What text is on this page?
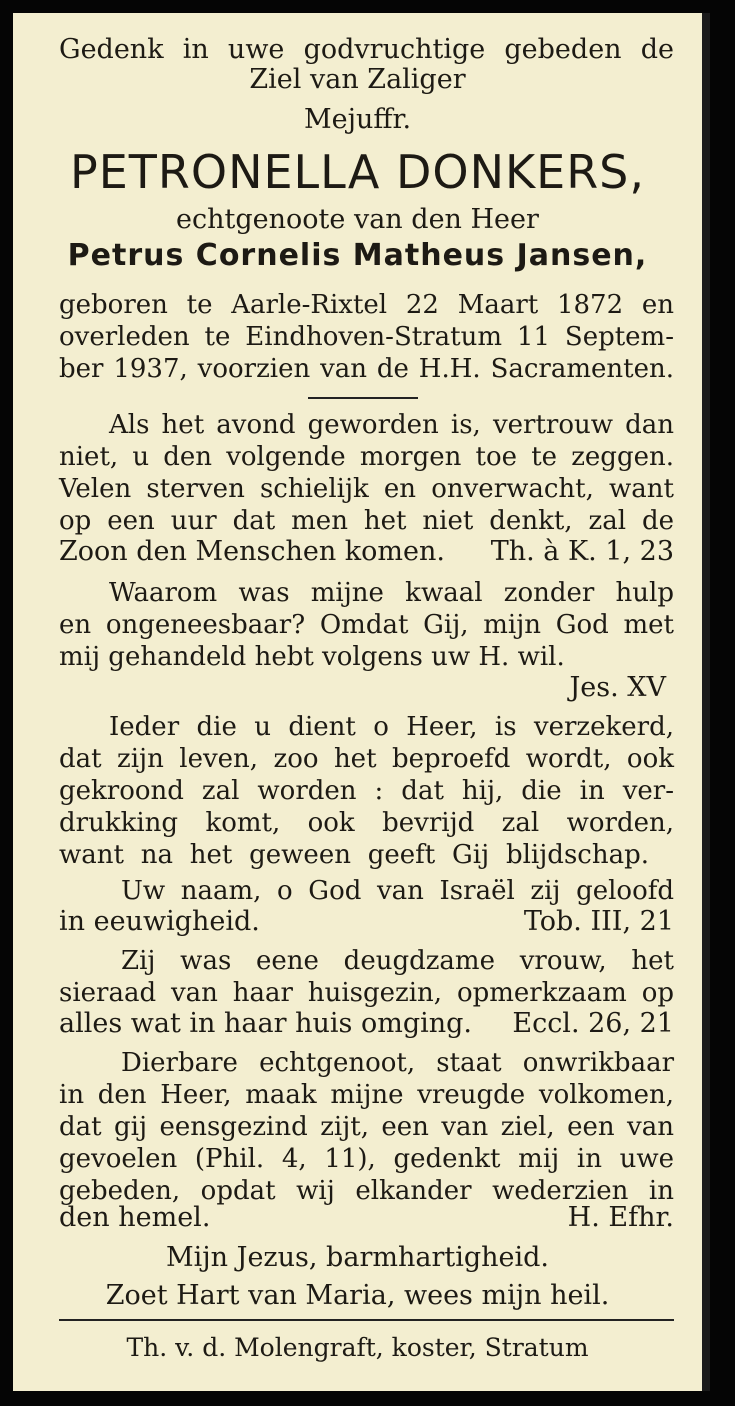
Gedenk in uwe godvruchtige gebeden de
Ziel van Zaliger
Mejuffr.
PETRONELLA DONKERS,
echtgenoote van den Heer
Petrus Cornelis Matheus Jansen,
geboren te Aarle-Rixtel 22 Maart 1872 en
overleden te Eindhoven-Stratum 11 Septem-
ber 1937, voorzien van de H.H. Sacramenten.
Als het avond geworden is, vertrouw dan
niet, u den volgende morgen toe te zeggen.
Velen sterven schielijk en onverwacht, want
op een uur dat men het niet denkt, zal de
Zoon den Menschen komen. Th. à K. 1, 23
Waarom was mijne kwaal zonder hulp
en ongeneesbaar? Omdat Gij, mijn God met
mij gehandeld hebt volgens uw H. wil.
Jes. XV
Ieder die u dient o Heer, is verzekerd,
dat zijn leven, zoo het beproefd wordt, ook
gekroond zal worden : dat hij, die in ver-
drukking komt, ook bevrijd zal worden,
want na het geween geeft Gij blijdschap.
Uw naam, o God van Israël zij geloofd
in eeuwigheid.	Tob. III, 21
Zij was eene deugdzame vrouw, het
sieraad van haar huisgezin, opmerkzaam op
alles wat in haar huis omging. Eccl. 26, 21
Dierbare echtgenoot, staat onwrikbaar
in den Heer, maak mijne vreugde volkomen,
dat gij eensgezind zijt, een van ziel, een van
gevoelen (Phil. 4, 11), gedenkt mij in uwe
gebeden, opdat wij elkander wederzien in
den hemel.	H. Efhr.
Mijn Jezus, barmhartigheid.
Zoet Hart van Maria, wees mijn heil.
Th. v. d. Molengraft, koster, Stratum
